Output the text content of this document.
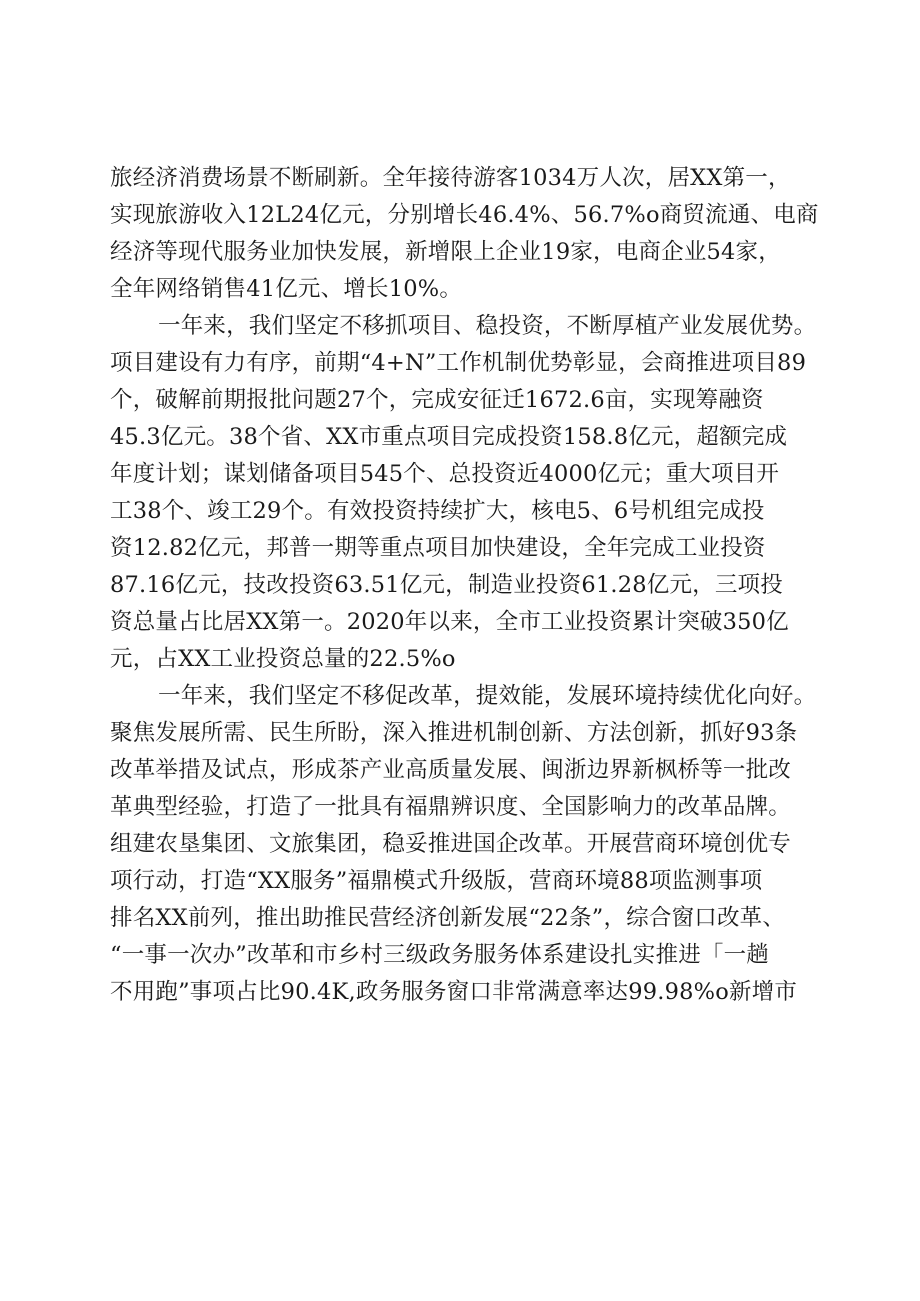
旅经济消费场景不断刷新。全年接待游客1034万人次，居XX第一，
实现旅游收入12L24亿元，分别增长46.4%、56.7%o商贸流通、电商
经济等现代服务业加快发展，新增限上企业19家，电商企业54家，
全年网络销售41亿元、增长10%。
一年来，我们坚定不移抓项目、稳投资，不断厚植产业发展优势。
项目建设有力有序，前期“4+N”工作机制优势彰显，会商推进项目89
个，破解前期报批问题27个，完成安征迁1672.6亩，实现筹融资
45.3亿元。38个省、XX市重点项目完成投资158.8亿元，超额完成
年度计划；谋划储备项目545个、总投资近4000亿元；重大项目开
工38个、竣工29个。有效投资持续扩大，核电5、6号机组完成投
资12.82亿元，邦普一期等重点项目加快建设，全年完成工业投资
87.16亿元，技改投资63.51亿元，制造业投资61.28亿元，三项投
资总量占比居XX第一。2020年以来，全市工业投资累计突破350亿
元，占XX工业投资总量的22.5%o
一年来，我们坚定不移促改革，提效能，发展环境持续优化向好。
聚焦发展所需、民生所盼，深入推进机制创新、方法创新，抓好93条
改革举措及试点，形成茶产业高质量发展、闽浙边界新枫桥等一批改
革典型经验，打造了一批具有福鼎辨识度、全国影响力的改革品牌。
组建农垦集团、文旅集团，稳妥推进国企改革。开展营商环境创优专
项行动，打造“XX服务”福鼎模式升级版，营商环境88项监测事项
排名XX前列，推出助推民营经济创新发展“22条”，综合窗口改革、
“一事一次办”改革和市乡村三级政务服务体系建设扎实推进「一趟
不用跑”事项占比90.4K,政务服务窗口非常满意率达99.98%o新增市
